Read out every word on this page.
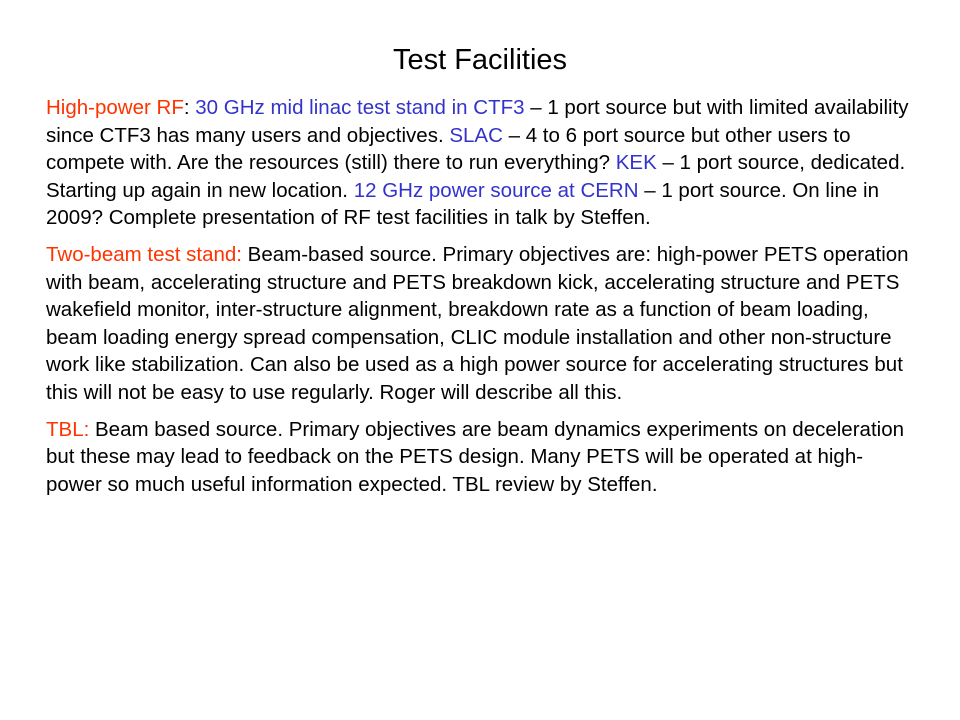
Test Facilities

High-power RF: 30 GHz mid linac test stand in CTF3 – 1 port source but with limited availability since CTF3 has many users and objectives. SLAC – 4 to 6 port source but other users to compete with. Are the resources (still) there to run everything? KEK – 1 port source, dedicated. Starting up again in new location. 12 GHz power source at CERN – 1 port source. On line in 2009? Complete presentation of RF test facilities in talk by Steffen.

Two-beam test stand: Beam-based source. Primary objectives are: high-power PETS operation with beam, accelerating structure and PETS breakdown kick, accelerating structure and PETS wakefield monitor, inter-structure alignment, breakdown rate as a function of beam loading, beam loading energy spread compensation, CLIC module installation and other non-structure work like stabilization. Can also be used as a high power source for accelerating structures but this will not be easy to use regularly. Roger will describe all this.

TBL: Beam based source. Primary objectives are beam dynamics experiments on deceleration but these may lead to feedback on the PETS design. Many PETS will be operated at high-power so much useful information expected. TBL review by Steffen.
